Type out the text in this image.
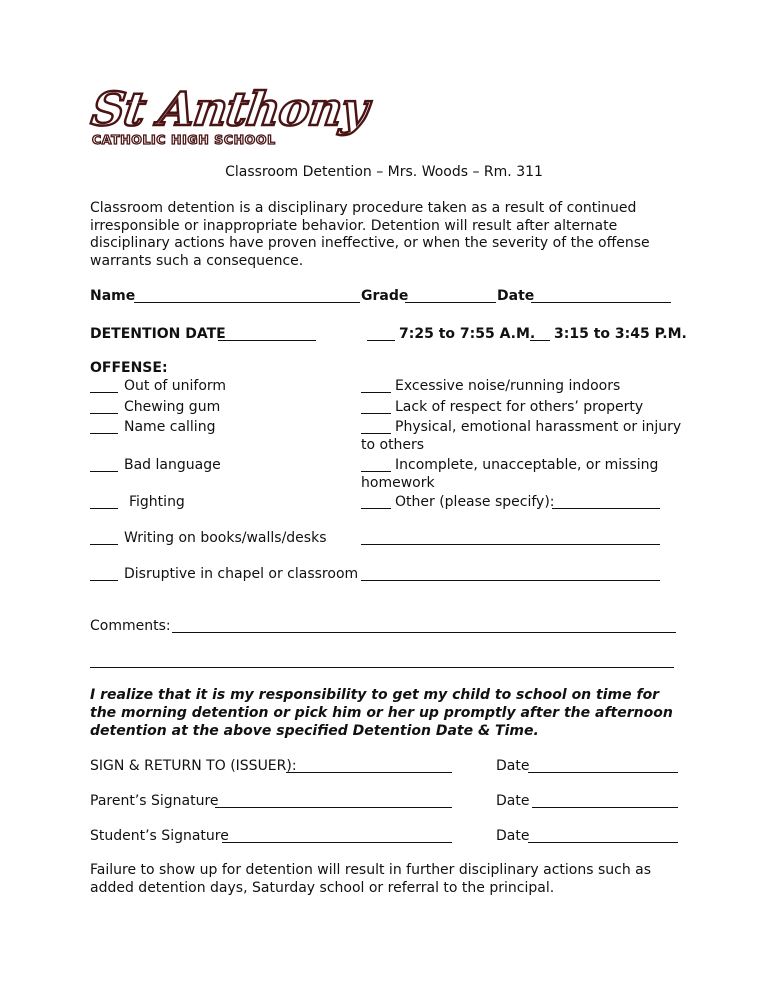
St Anthony
CATHOLIC HIGH SCHOOL
Classroom Detention – Mrs. Woods – Rm. 311
Classroom detention is a disciplinary procedure taken as a result of continued irresponsible or inappropriate behavior. Detention will result after alternate disciplinary actions have proven ineffective, or when the severity of the offense warrants such a consequence.
Name	Grade	Date
DETENTION DATE	7:25 to 7:55 A.M. 3:15 to 3:45 P.M.
OFFENSE:
Out of uniform
Chewing gum
Name calling
Bad language
Fighting
Writing on books/walls/desks
Disruptive in chapel or classroom
Excessive noise/running indoors
Lack of respect for others’ property
Physical, emotional harassment or injury
to others
Incomplete, unacceptable, or missing
homework
Other (please specify):
Comments:
I realize that it is my responsibility to get my child to school on time for the morning detention or pick him or her up promptly after the afternoon detention at the above specified Detention Date & Time.
SIGN & RETURN TO (ISSUER):	Date
Parent’s Signature	Date
Student’s Signature	Date
Failure to show up for detention will result in further disciplinary actions such as added detention days, Saturday school or referral to the principal.
